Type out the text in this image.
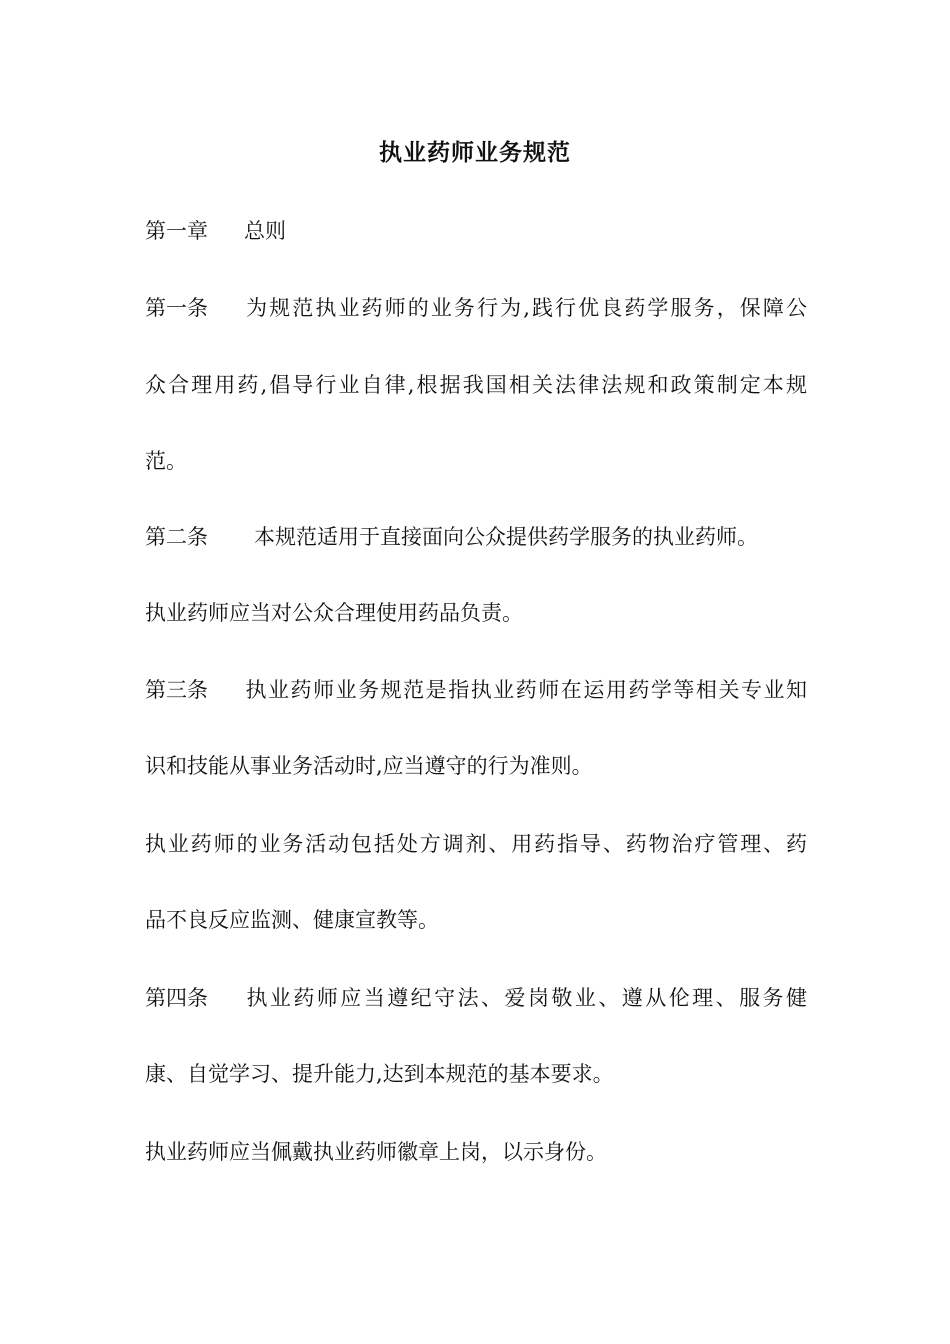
执业药师业务规范
第一章 总则
第一条 为规范执业药师的业务行为,践行优良药学服务，保障公
众合理用药,倡导行业自律,根据我国相关法律法规和政策制定本规
范。
第二条 本规范适用于直接面向公众提供药学服务的执业药师。
执业药师应当对公众合理使用药品负责。
第三条 执业药师业务规范是指执业药师在运用药学等相关专业知
识和技能从事业务活动时,应当遵守的行为准则。
执业药师的业务活动包括处方调剂、用药指导、药物治疗管理、药
品不良反应监测、健康宣教等。
第四条 执业药师应当遵纪守法、爱岗敬业、遵从伦理、服务健
康、自觉学习、提升能力,达到本规范的基本要求。
执业药师应当佩戴执业药师徽章上岗，以示身份。
